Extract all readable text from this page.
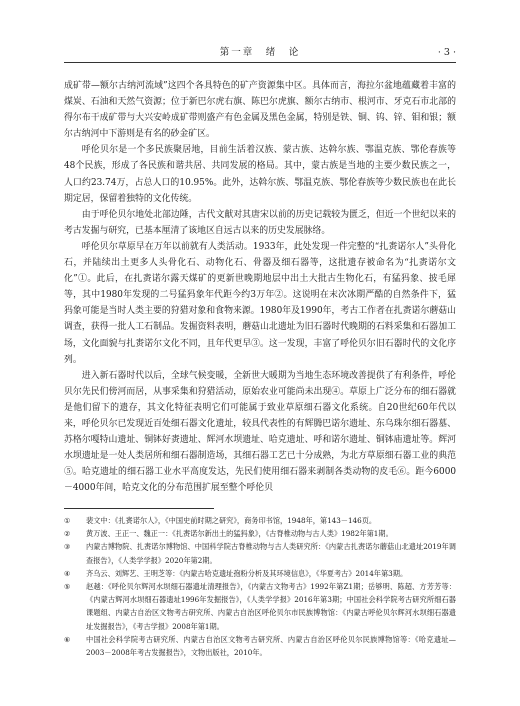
第一章　绪　论	· 3 ·

成矿带—额尔古纳河流域”这四个各具特色的矿产资源集中区。具体而言，海拉尔盆地蕴藏着丰富的煤炭、石油和天然气资源；位于新巴尔虎右旗、陈巴尔虎旗、额尔古纳市、根河市、牙克石市北部的得尔布干成矿带与大兴安岭成矿带则盛产有色金属及黑色金属，特别是铁、铜、钨、锌、钼和银；额尔古纳河中下游则是有名的砂金矿区。

呼伦贝尔是一个多民族聚居地，目前生活着汉族、蒙古族、达斡尔族、鄂温克族、鄂伦春族等48个民族，形成了各民族和谐共居、共同发展的格局。其中，蒙古族是当地的主要少数民族之一，人口约23.74万，占总人口的10.95%。此外，达斡尔族、鄂温克族、鄂伦春族等少数民族也在此长期定居，保留着独特的文化传统。

由于呼伦贝尔地处北部边陲，古代文献对其唐宋以前的历史记载较为匮乏，但近一个世纪以来的考古发掘与研究，已基本厘清了该地区自远古以来的历史发展脉络。

呼伦贝尔草原早在万年以前就有人类活动。1933年，此处发现一件完整的“扎赉诺尔人”头骨化石，并陆续出土更多人头骨化石、动物化石、骨器及细石器等，这批遗存被命名为“扎赉诺尔文化”①。此后，在扎赉诺尔露天煤矿的更新世晚期地层中出土大批古生物化石，有猛犸象、披毛犀等，其中1980年发现的二号猛犸象年代距今约3万年②。这说明在末次冰期严酷的自然条件下，猛犸象可能是当时人类主要的狩猎对象和食物来源。1980年及1990年，考古工作者在扎赉诺尔蘑菇山调查，获得一批人工石制品。发掘资料表明，蘑菇山北遗址为旧石器时代晚期的石料采集和石器加工场，文化面貌与扎赉诺尔文化不同，且年代更早③。这一发现，丰富了呼伦贝尔旧石器时代的文化序列。

进入新石器时代以后，全球气候变暖，全新世大暖期为当地生态环境改善提供了有利条件，呼伦贝尔先民们傍河而居，从事采集和狩猎活动，原始农业可能尚未出现④。草原上广泛分布的细石器就是他们留下的遗存，其文化特征表明它们可能属于致业草原细石器文化系统。自20世纪60年代以来，呼伦贝尔已发现近百处细石器文化遗址，较具代表性的有辉腾巴诺尔遗址、东乌珠尔细石器墓、苏格尔嘎特山遗址、铜钵好赉遗址、辉河水坝遗址、哈克遗址、呼和诺尔遗址、铜钵庙遗址等。辉河水坝遗址是一处人类居所和细石器制造场，其细石器工艺已十分成熟，为北方草原细石器工业的典范⑤。哈克遗址的细石器工业水平高度发达，先民们使用细石器来剥制各类动物的皮毛⑥。距今6000－4000年间，哈克文化的分布范围扩展至整个呼伦贝

①	裴文中：《扎赉诺尔人》，《中国史前时期之研究》，商务印书馆，1948年，第143－146页。
②	黄万波、王正一、魏正一：《扎赉诺尔新出土的猛犸象》，《古脊椎动物与古人类》1982年第1期。
③	内蒙古博物院、扎赉诺尔博物馆、中国科学院古脊椎动物与古人类研究所：《内蒙古扎赉诺尔蘑菇山北遗址2019年调查报告》，《人类学学报》2020年第2期。
④	齐乌云、刘辉艺、王明芝等：《内蒙古哈克遗址孢粉分析及其环境信息》，《华夏考古》2014年第3期。
⑤	赵越：《呼伦贝尔辉河水坝细石器遗址清理报告》，《内蒙古文物考古》1992年第Z1期；岳够明、陈超、方芳芳等：《内蒙古辉河水坝细石器遗址1996年发掘报告》，《人类学学报》2016年第3期；中国社会科学院考古研究所细石器课题组、内蒙古自治区文物考古研究所、内蒙古自治区呼伦贝尔市民族博物馆：《内蒙古呼伦贝尔辉河水坝细石器遗址发掘报告》，《考古学报》2008年第1期。
⑥	中国社会科学院考古研究所、内蒙古自治区文物考古研究所、内蒙古自治区呼伦贝尔民族博物馆等：《哈克遗址—2003－2008年考古发掘报告》，文物出版社，2010年。
